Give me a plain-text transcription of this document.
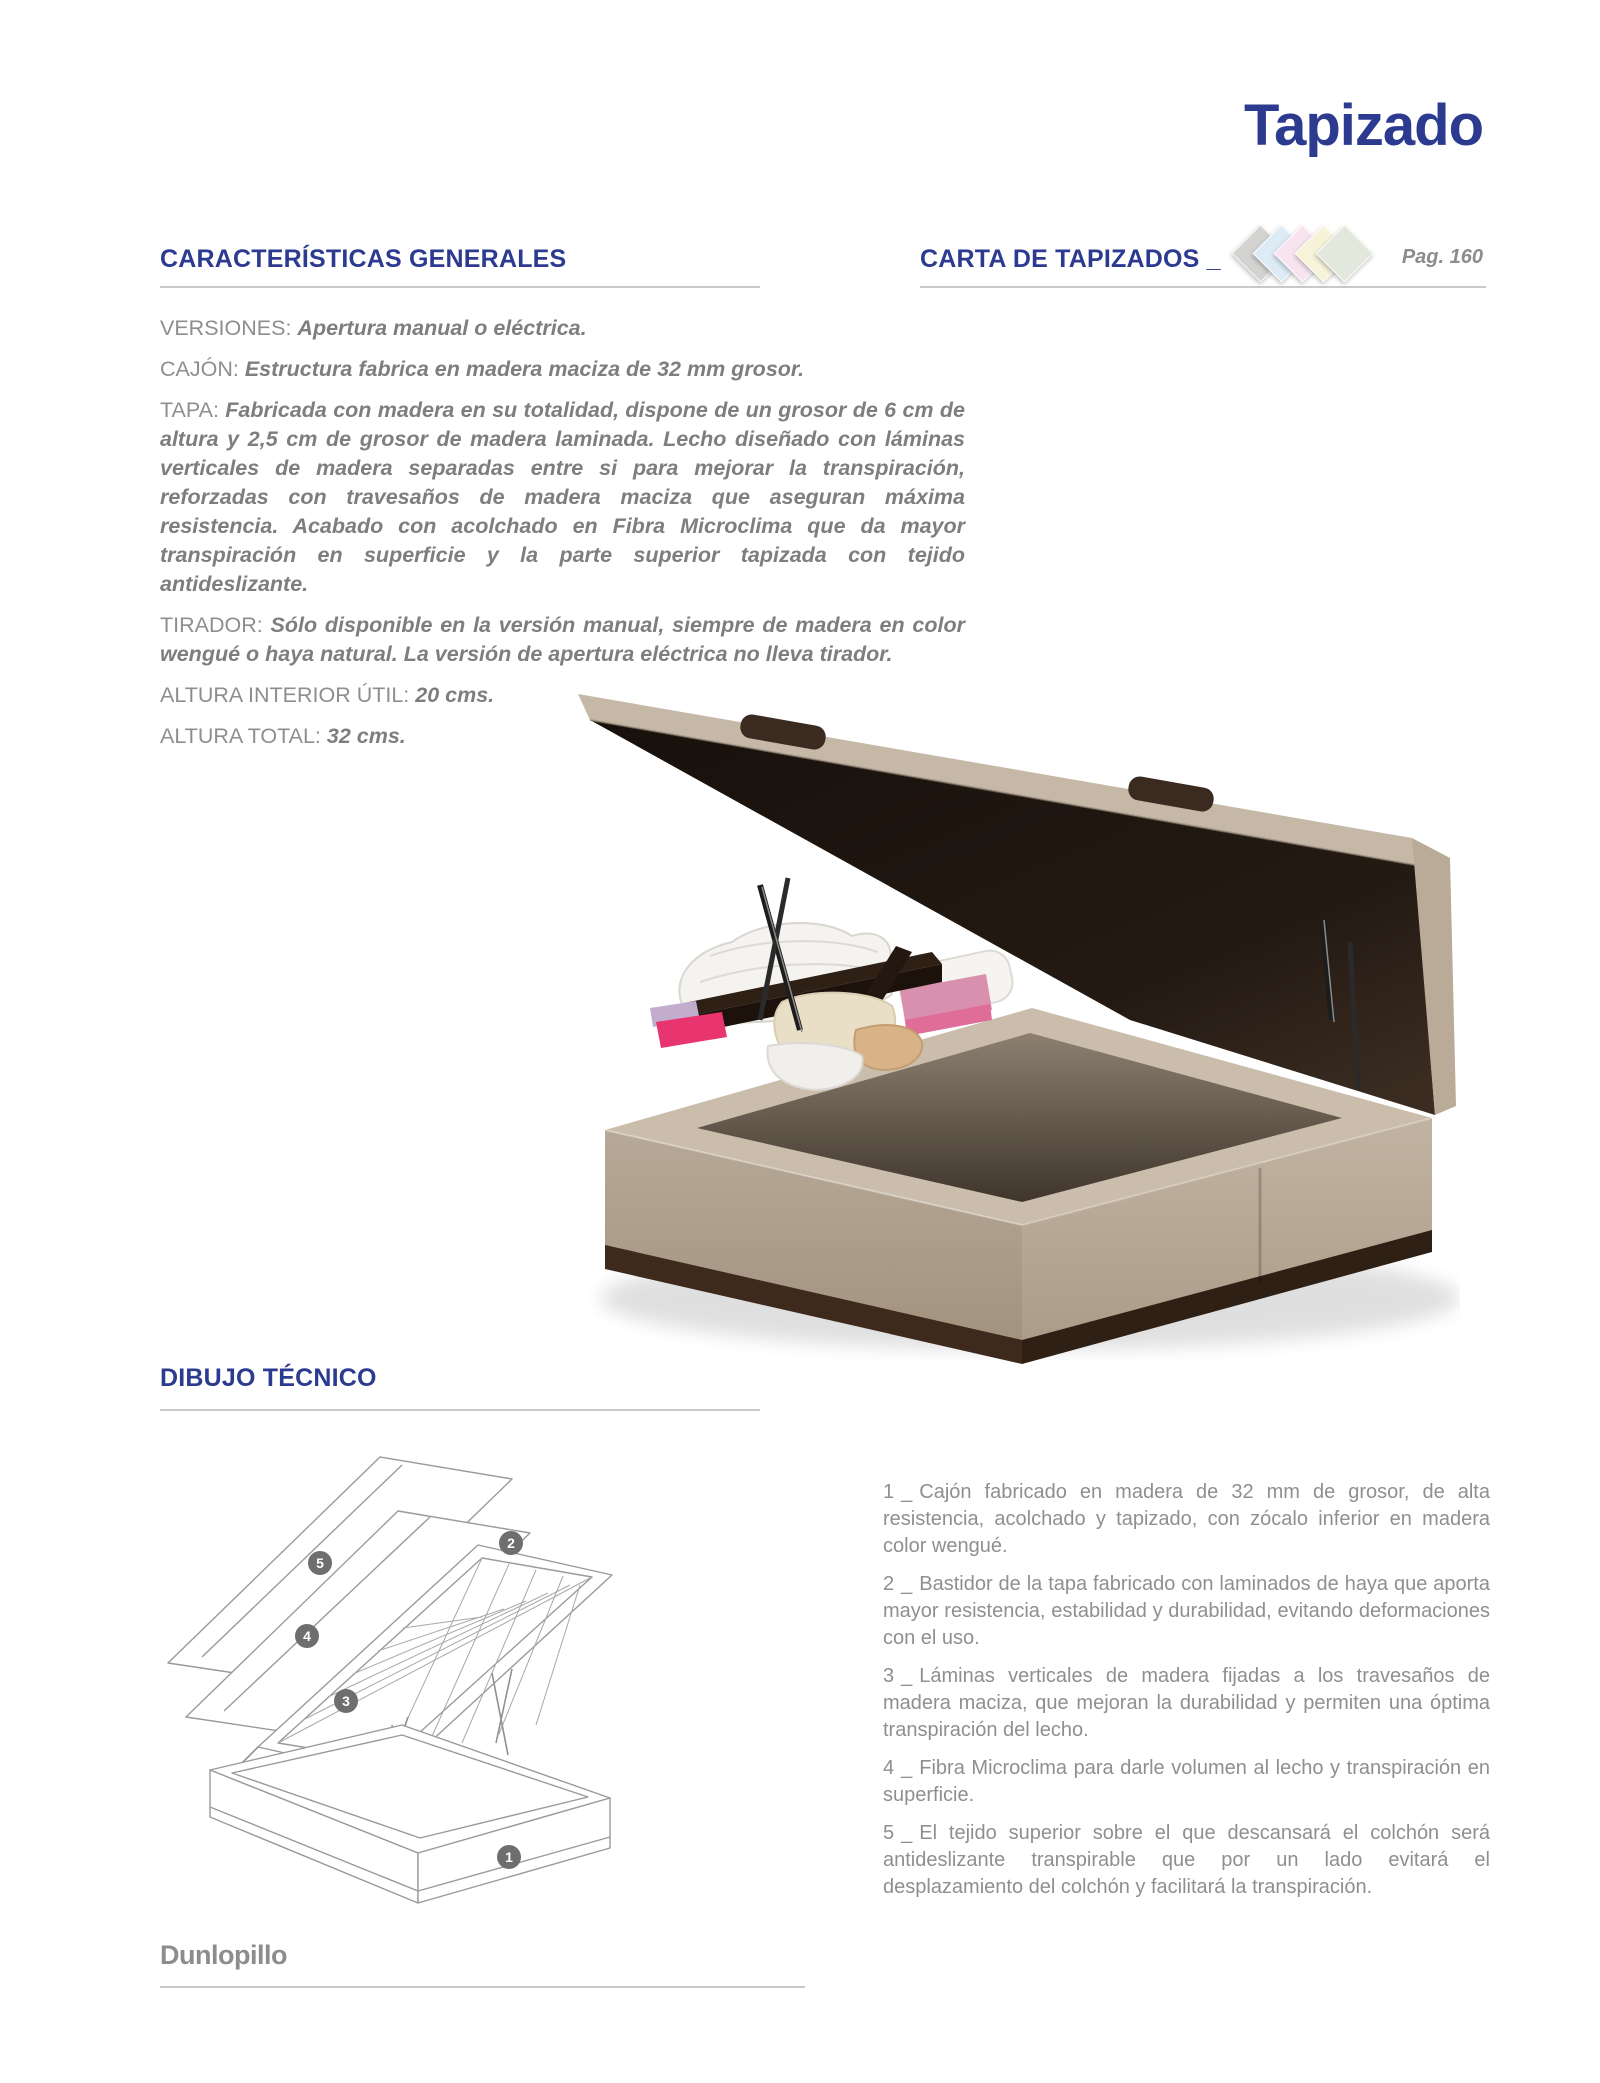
Tapizado
CARACTERÍSTICAS GENERALES	CARTA DE TAPIZADOS _	Pag. 160

VERSIONES: Apertura manual o eléctrica.

CAJÓN: Estructura fabrica en madera maciza de 32 mm grosor.

TAPA: Fabricada con madera en su totalidad, dispone de un grosor de 6 cm de altura y 2,5 cm de grosor de madera laminada. Lecho diseñado con láminas verticales de madera separadas entre si para mejorar la transpiración, reforzadas con travesaños de madera maciza que aseguran máxima resistencia. Acabado con acolchado en Fibra Microclima que da mayor transpiración en superficie y la parte superior tapizada con tejido antideslizante.

TIRADOR: Sólo disponible en la versión manual, siempre de madera en color wengué o haya natural. La versión de apertura eléctrica no lleva tirador.

ALTURA INTERIOR ÚTIL: 20 cms.

ALTURA TOTAL: 32 cms.

DIBUJO TÉCNICO
5
4
2
3
1

1 _ Cajón fabricado en madera de 32 mm de grosor, de alta resistencia, acolchado y tapizado, con zócalo inferior en madera color wengué.

2 _ Bastidor de la tapa fabricado con laminados de haya que aporta mayor resistencia, estabilidad y durabilidad, evitando deformaciones con el uso.

3 _ Láminas verticales de madera fijadas a los travesaños de madera maciza, que mejoran la durabilidad y permiten una óptima transpiración del lecho.

4 _ Fibra Microclima para darle volumen al lecho y transpiración en superficie.

5 _ El tejido superior sobre el que descansará el colchón será antideslizante transpirable que por un lado evitará el desplazamiento del colchón y facilitará la transpiración.

Dunlopillo
